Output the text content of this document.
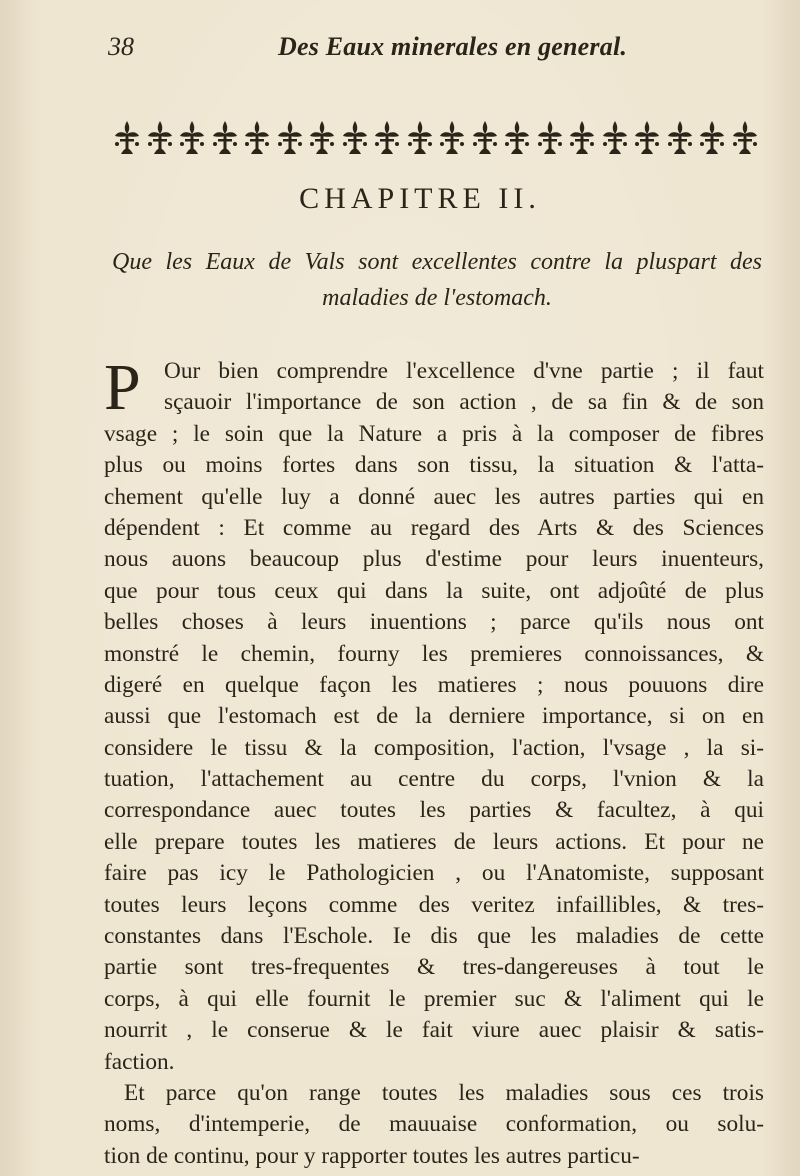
38	Des Eaux minerales en general.
CHAPITRE II.
Que les Eaux de Vals sont excellentes contre la pluspart des
maladies de l'estomach.
P Our bien comprendre l'excellence d'vne partie ; il faut
sçauoir l'importance de son action , de sa fin & de son
vsage ; le soin que la Nature a pris à la composer de fibres
plus ou moins fortes dans son tissu, la situation & l'atta-
chement qu'elle luy a donné auec les autres parties qui en
dépendent : Et comme au regard des Arts & des Sciences
nous auons beaucoup plus d'estime pour leurs inuenteurs,
que pour tous ceux qui dans la suite, ont adjoûté de plus
belles choses à leurs inuentions ; parce qu'ils nous ont
monstré le chemin, fourny les premieres connoissances, &
digeré en quelque façon les matieres ; nous pouuons dire
aussi que l'estomach est de la derniere importance, si on en
considere le tissu & la composition, l'action, l'vsage , la si-
tuation, l'attachement au centre du corps, l'vnion & la
correspondance auec toutes les parties & facultez, à qui
elle prepare toutes les matieres de leurs actions. Et pour ne
faire pas icy le Pathologicien , ou l'Anatomiste, supposant
toutes leurs leçons comme des veritez infaillibles, & tres-
constantes dans l'Eschole. Ie dis que les maladies de cette
partie sont tres-frequentes & tres-dangereuses à tout le
corps, à qui elle fournit le premier suc & l'aliment qui le
nourrit , le conserue & le fait viure auec plaisir & satis-
faction.
Et parce qu'on range toutes les maladies sous ces trois
noms, d'intemperie, de mauuaise conformation, ou solu-
tion de continu, pour y rapporter toutes les autres particu-
